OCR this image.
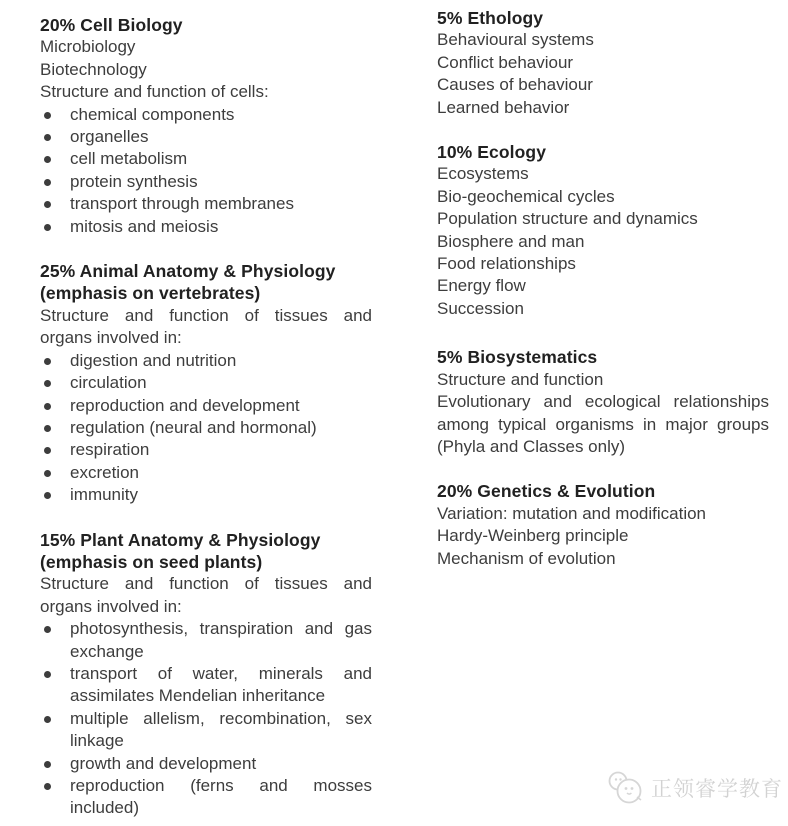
20% Cell Biology

Microbiology

Biotechnology

Structure and function of cells:

chemical components
organelles
cell metabolism
protein synthesis
transport through membranes
mitosis and meiosis
25% Animal Anatomy & Physiology (emphasis on vertebrates)

Structure and function of tissues and organs involved in:

digestion and nutrition
circulation
reproduction and development
regulation (neural and hormonal)
respiration
excretion
immunity
15% Plant Anatomy & Physiology (emphasis on seed plants)

Structure and function of tissues and organs involved in:

photosynthesis, transpiration and gas exchange
transport of water, minerals and assimilates Mendelian inheritance
multiple allelism, recombination, sex linkage
growth and development
reproduction (ferns and mosses included)
5% Ethology

Behavioural systems

Conflict behaviour

Causes of behaviour

Learned behavior

10% Ecology

Ecosystems

Bio-geochemical cycles

Population structure and dynamics

Biosphere and man

Food relationships

Energy flow

Succession

5% Biosystematics

Structure and function

Evolutionary and ecological relationships among typical organisms in major groups (Phyla and Classes only)

20% Genetics & Evolution

Variation: mutation and modification

Hardy-Weinberg principle

Mechanism of evolution

正领睿学教育
